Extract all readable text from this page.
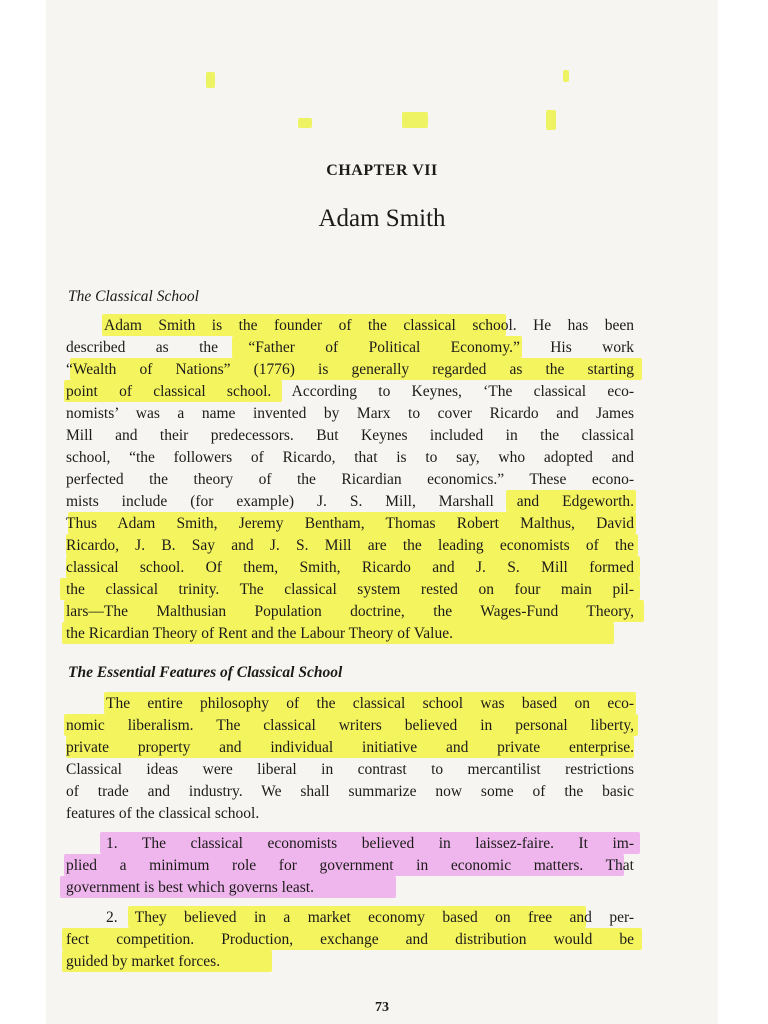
CHAPTER VII
Adam Smith
The Classical School
Adam Smith is the founder of the classical school. He has been
described as the “Father of Political Economy.” His work
“Wealth of Nations” (1776) is generally regarded as the starting
point of classical school. According to Keynes, ‘The classical eco-
nomists’ was a name invented by Marx to cover Ricardo and James
Mill and their predecessors. But Keynes included in the classical
school, “the followers of Ricardo, that is to say, who adopted and
perfected the theory of the Ricardian economics.” These econo-
mists include (for example) J. S. Mill, Marshall and Edgeworth.
Thus Adam Smith, Jeremy Bentham, Thomas Robert Malthus, David
Ricardo, J. B. Say and J. S. Mill are the leading economists of the
classical school. Of them, Smith, Ricardo and J. S. Mill formed
the classical trinity. The classical system rested on four main pil-
lars—The Malthusian Population doctrine, the Wages-Fund Theory,
the Ricardian Theory of Rent and the Labour Theory of Value.
The Essential Features of Classical School
The entire philosophy of the classical school was based on eco-
nomic liberalism. The classical writers believed in personal liberty,
private property and individual initiative and private enterprise.
Classical ideas were liberal in contrast to mercantilist restrictions
of trade and industry. We shall summarize now some of the basic
features of the classical school.
1. The classical economists believed in laissez-faire. It im-
plied a minimum role for government in economic matters. That
government is best which governs least.
2. They believed in a market economy based on free and per-
fect competition. Production, exchange and distribution would be
guided by market forces.
73
